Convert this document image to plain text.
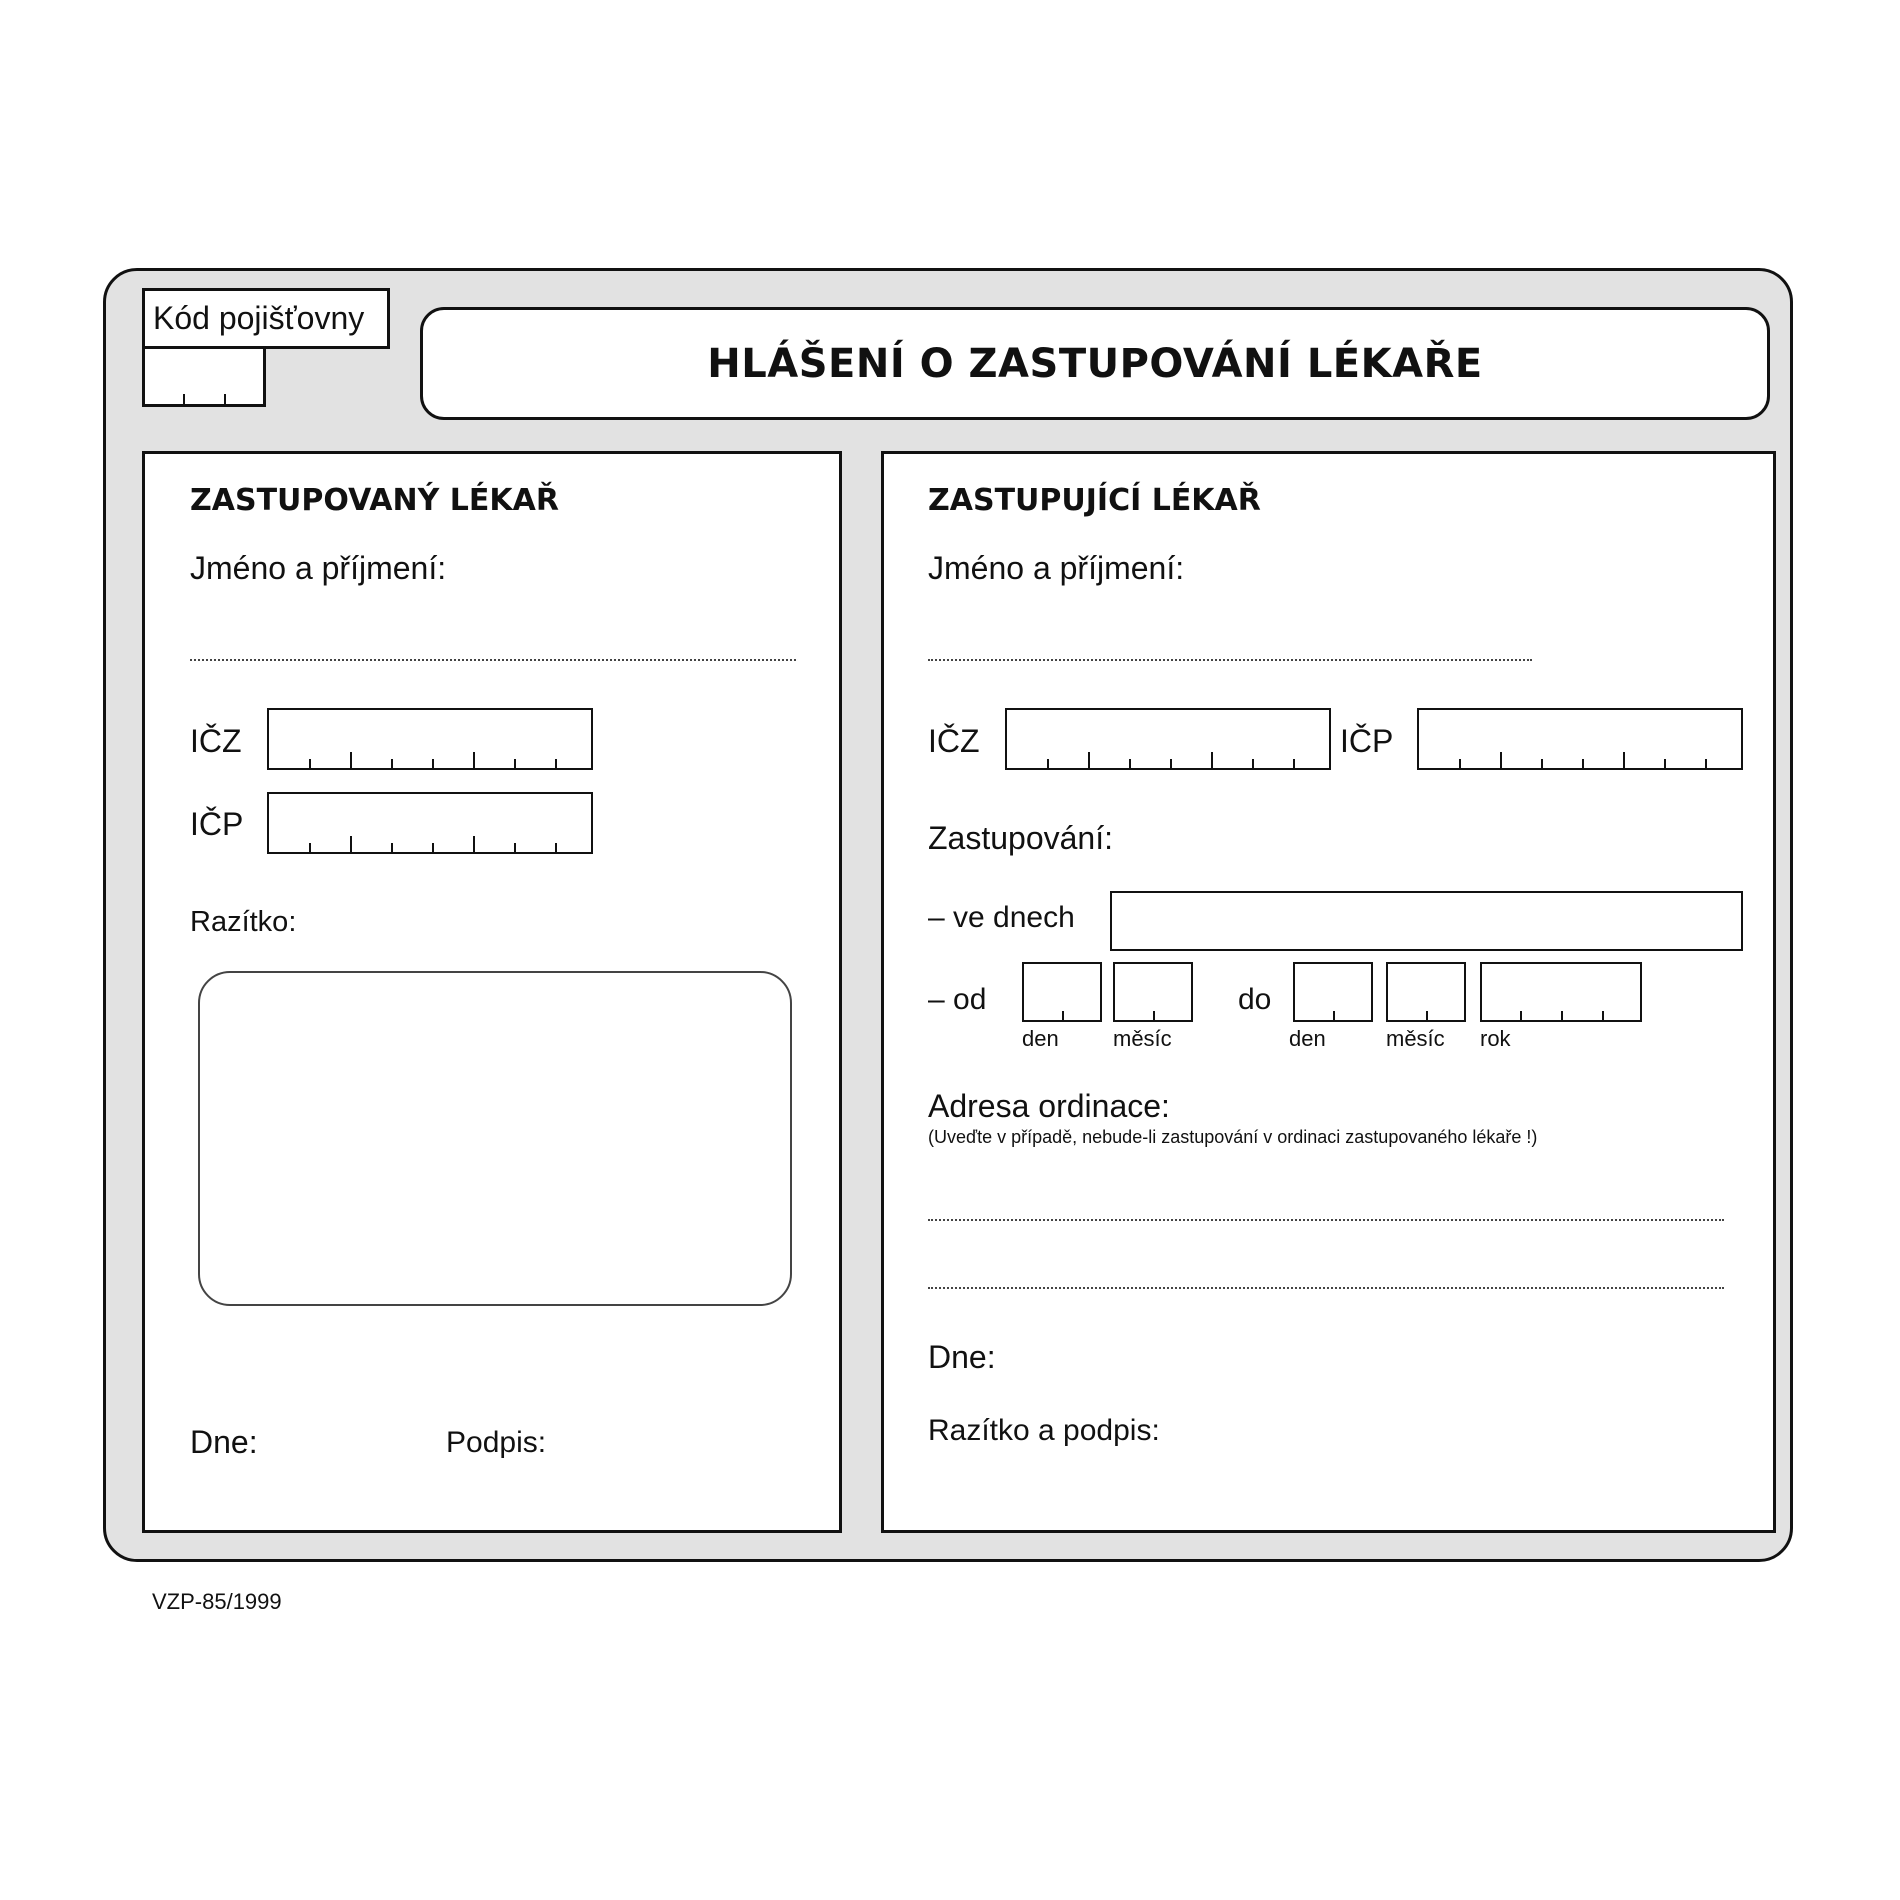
Kód pojišťovny
HLÁŠENÍ O ZASTUPOVÁNÍ LÉKAŘE
ZASTUPOVANÝ LÉKAŘ
Jméno a příjmení:
IČZ
IČP
Razítko:
Dne:	Podpis:
ZASTUPUJÍCÍ LÉKAŘ
Jméno a příjmení:
IČZ	IČP
Zastupování:
– ve dnech
– od
den měsíc
do
den	měsíc rok
Adresa ordinace:
(Uveďte v případě, nebude-li zastupování v ordinaci zastupovaného lékaře !)
Dne:
Razítko a podpis:
VZP-85/1999
